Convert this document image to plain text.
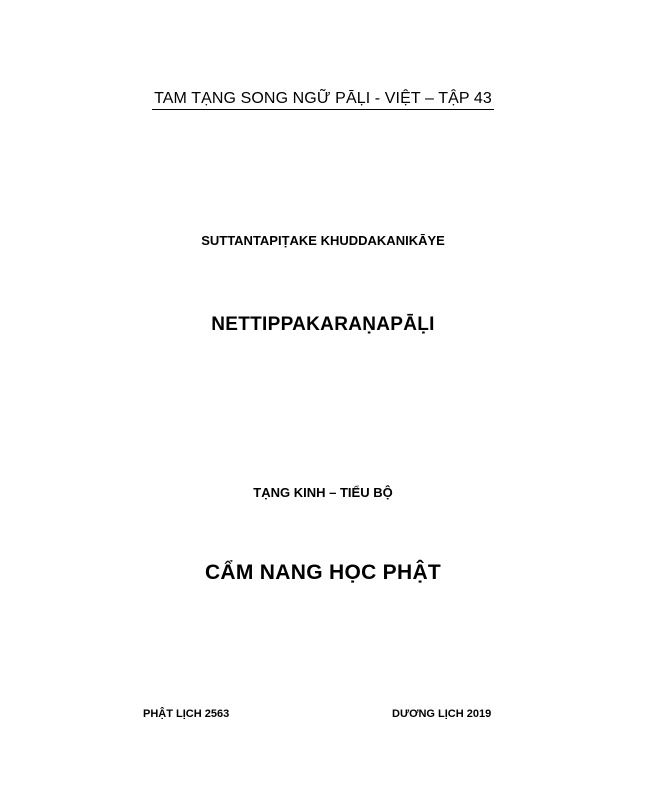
TAM TẠNG SONG NGỮ PĀḶI - VIỆT – TẬP 43
SUTTANTAPIṬAKE KHUDDAKANIKĀYE
NETTIPPAKARAṆAPĀḶI
TẠNG KINH – TIỂU BỘ
CẨM NANG HỌC PHẬT
PHẬT LỊCH 2563	DƯƠNG LỊCH 2019
